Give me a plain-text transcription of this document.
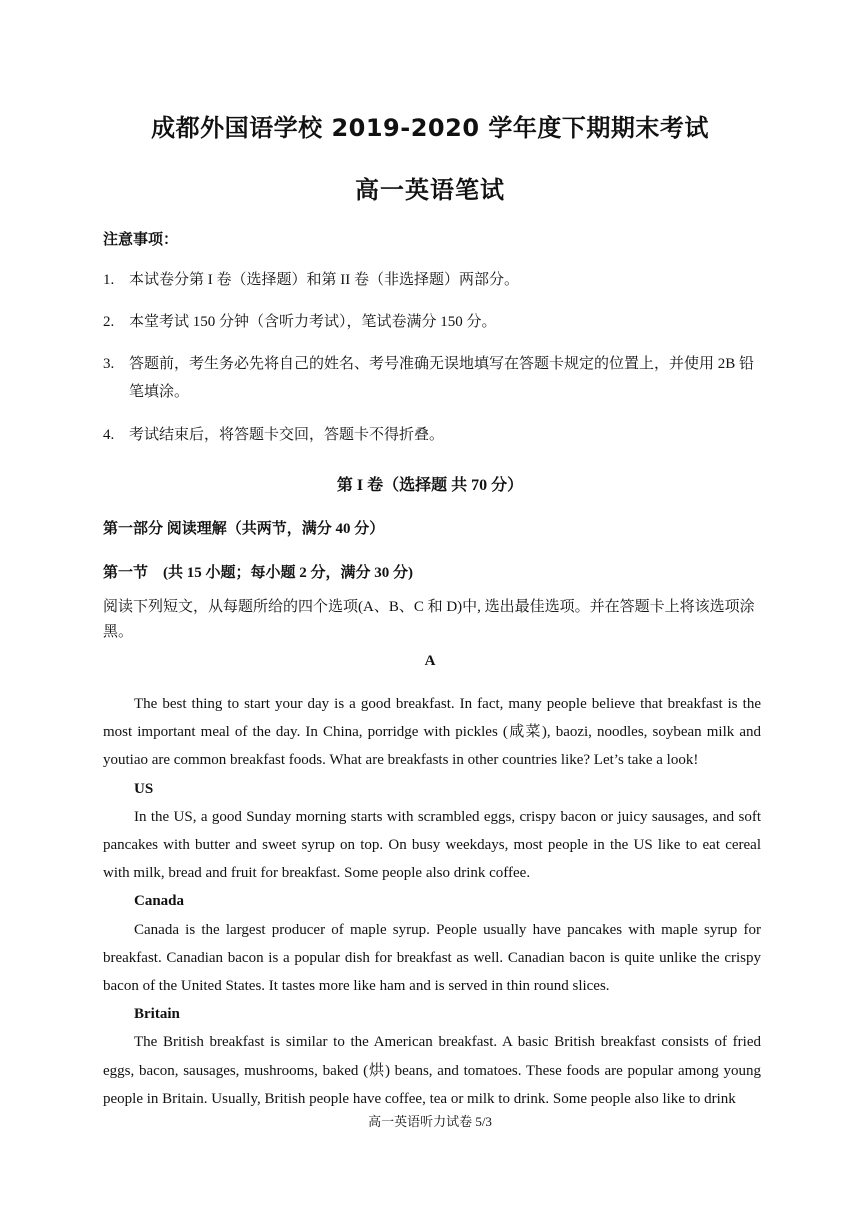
成都外国语学校 2019-2020 学年度下期期末考试
高一英语笔试
注意事项：
1. 本试卷分第 I 卷（选择题）和第 II 卷（非选择题）两部分。
2. 本堂考试 150 分钟（含听力考试），笔试卷满分 150 分。
3. 答题前，考生务必先将自己的姓名、考号准确无误地填写在答题卡规定的位置上，并使用 2B 铅笔填涂。
4. 考试结束后，将答题卡交回，答题卡不得折叠。
第 I 卷（选择题 共 70 分）
第一部分 阅读理解（共两节，满分 40 分）
第一节　(共 15 小题；每小题 2 分，满分 30 分)
阅读下列短文，从每题所给的四个选项(A、B、C 和 D)中, 选出最佳选项。并在答题卡上将该选项涂黑。
A

The best thing to start your day is a good breakfast. In fact, many people believe that breakfast is the most important meal of the day. In China, porridge with pickles (咸菜), baozi, noodles, soybean milk and youtiao are common breakfast foods. What are breakfasts in other countries like? Let’s take a look!

US

In the US, a good Sunday morning starts with scrambled eggs, crispy bacon or juicy sausages, and soft pancakes with butter and sweet syrup on top. On busy weekdays, most people in the US like to eat cereal with milk, bread and fruit for breakfast. Some people also drink coffee.

Canada

Canada is the largest producer of maple syrup. People usually have pancakes with maple syrup for breakfast. Canadian bacon is a popular dish for breakfast as well. Canadian bacon is quite unlike the crispy bacon of the United States. It tastes more like ham and is served in thin round slices.

Britain

The British breakfast is similar to the American breakfast. A basic British breakfast consists of fried eggs, bacon, sausages, mushrooms, baked (烘) beans, and tomatoes. These foods are popular among young people in Britain. Usually, British people have coffee, tea or milk to drink. Some people also like to drink

高一英语听力试卷 5/3
